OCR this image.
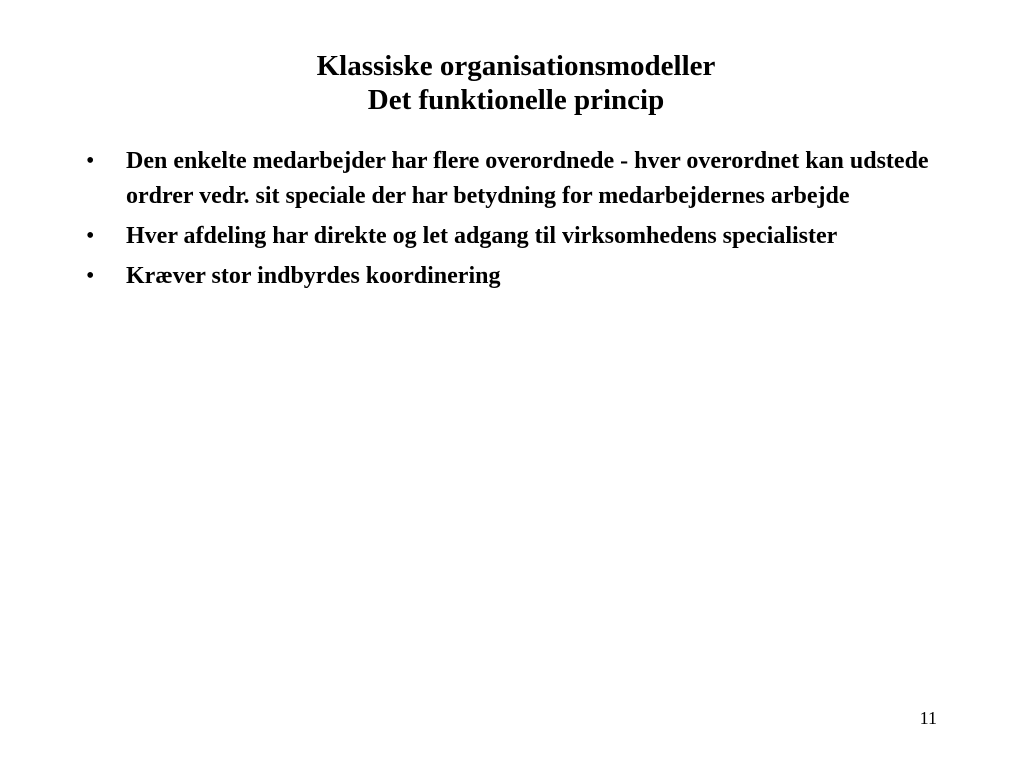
Klassiske organisationsmodeller
Det funktionelle princip
• Den enkelte medarbejder har flere overordnede - hver overordnet kan udstede ordrer vedr. sit speciale der har betydning for medarbejdernes arbejde
• Hver afdeling har direkte og let adgang til virksomhedens specialister
• Kræver stor indbyrdes koordinering
11
